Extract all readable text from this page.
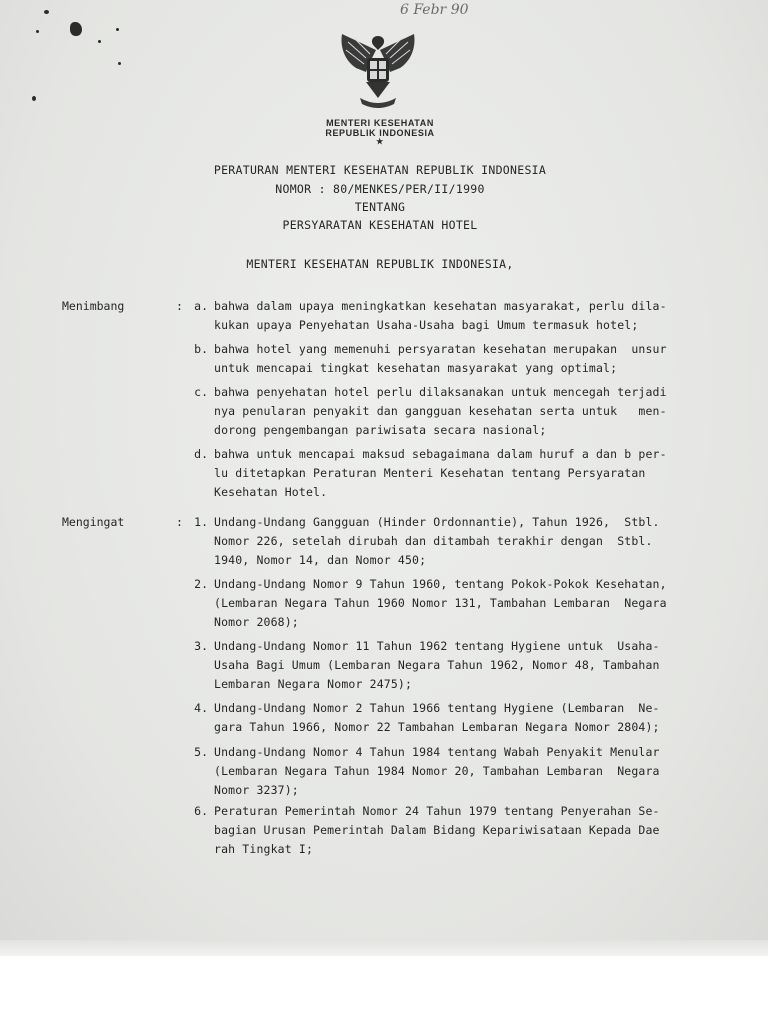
6 Febr 90
MENTERI KESEHATAN
REPUBLIK INDONESIA
★
PERATURAN MENTERI KESEHATAN REPUBLIK INDONESIA
NOMOR : 80/MENKES/PER/II/1990
TENTANG
PERSYARATAN KESEHATAN HOTEL
MENTERI KESEHATAN REPUBLIK INDONESIA,
Menimbang	: a. bahwa dalam upaya meningkatkan kesehatan masyarakat, perlu dila-
kukan upaya Penyehatan Usaha-Usaha bagi Umum termasuk hotel;
b. bahwa hotel yang memenuhi persyaratan kesehatan merupakan  unsur
untuk mencapai tingkat kesehatan masyarakat yang optimal;
c. bahwa penyehatan hotel perlu dilaksanakan untuk mencegah terjadi
nya penularan penyakit dan gangguan kesehatan serta untuk   men-
dorong pengembangan pariwisata secara nasional;
d. bahwa untuk mencapai maksud sebagaimana dalam huruf a dan b per-
lu ditetapkan Peraturan Menteri Kesehatan tentang Persyaratan
Kesehatan Hotel.
Mengingat	: 1. Undang-Undang Gangguan (Hinder Ordonnantie), Tahun 1926,  Stbl.
Nomor 226, setelah dirubah dan ditambah terakhir dengan  Stbl.
1940, Nomor 14, dan Nomor 450;
2. Undang-Undang Nomor 9 Tahun 1960, tentang Pokok-Pokok Kesehatan,
(Lembaran Negara Tahun 1960 Nomor 131, Tambahan Lembaran  Negara
Nomor 2068);
3. Undang-Undang Nomor 11 Tahun 1962 tentang Hygiene untuk  Usaha-
Usaha Bagi Umum (Lembaran Negara Tahun 1962, Nomor 48, Tambahan
Lembaran Negara Nomor 2475);
4. Undang-Undang Nomor 2 Tahun 1966 tentang Hygiene (Lembaran  Ne-
gara Tahun 1966, Nomor 22 Tambahan Lembaran Negara Nomor 2804);
5. Undang-Undang Nomor 4 Tahun 1984 tentang Wabah Penyakit Menular
(Lembaran Negara Tahun 1984 Nomor 20, Tambahan Lembaran  Negara
Nomor 3237);
6. Peraturan Pemerintah Nomor 24 Tahun 1979 tentang Penyerahan Se-
bagian Urusan Pemerintah Dalam Bidang Kepariwisataan Kepada Dae
rah Tingkat I;
